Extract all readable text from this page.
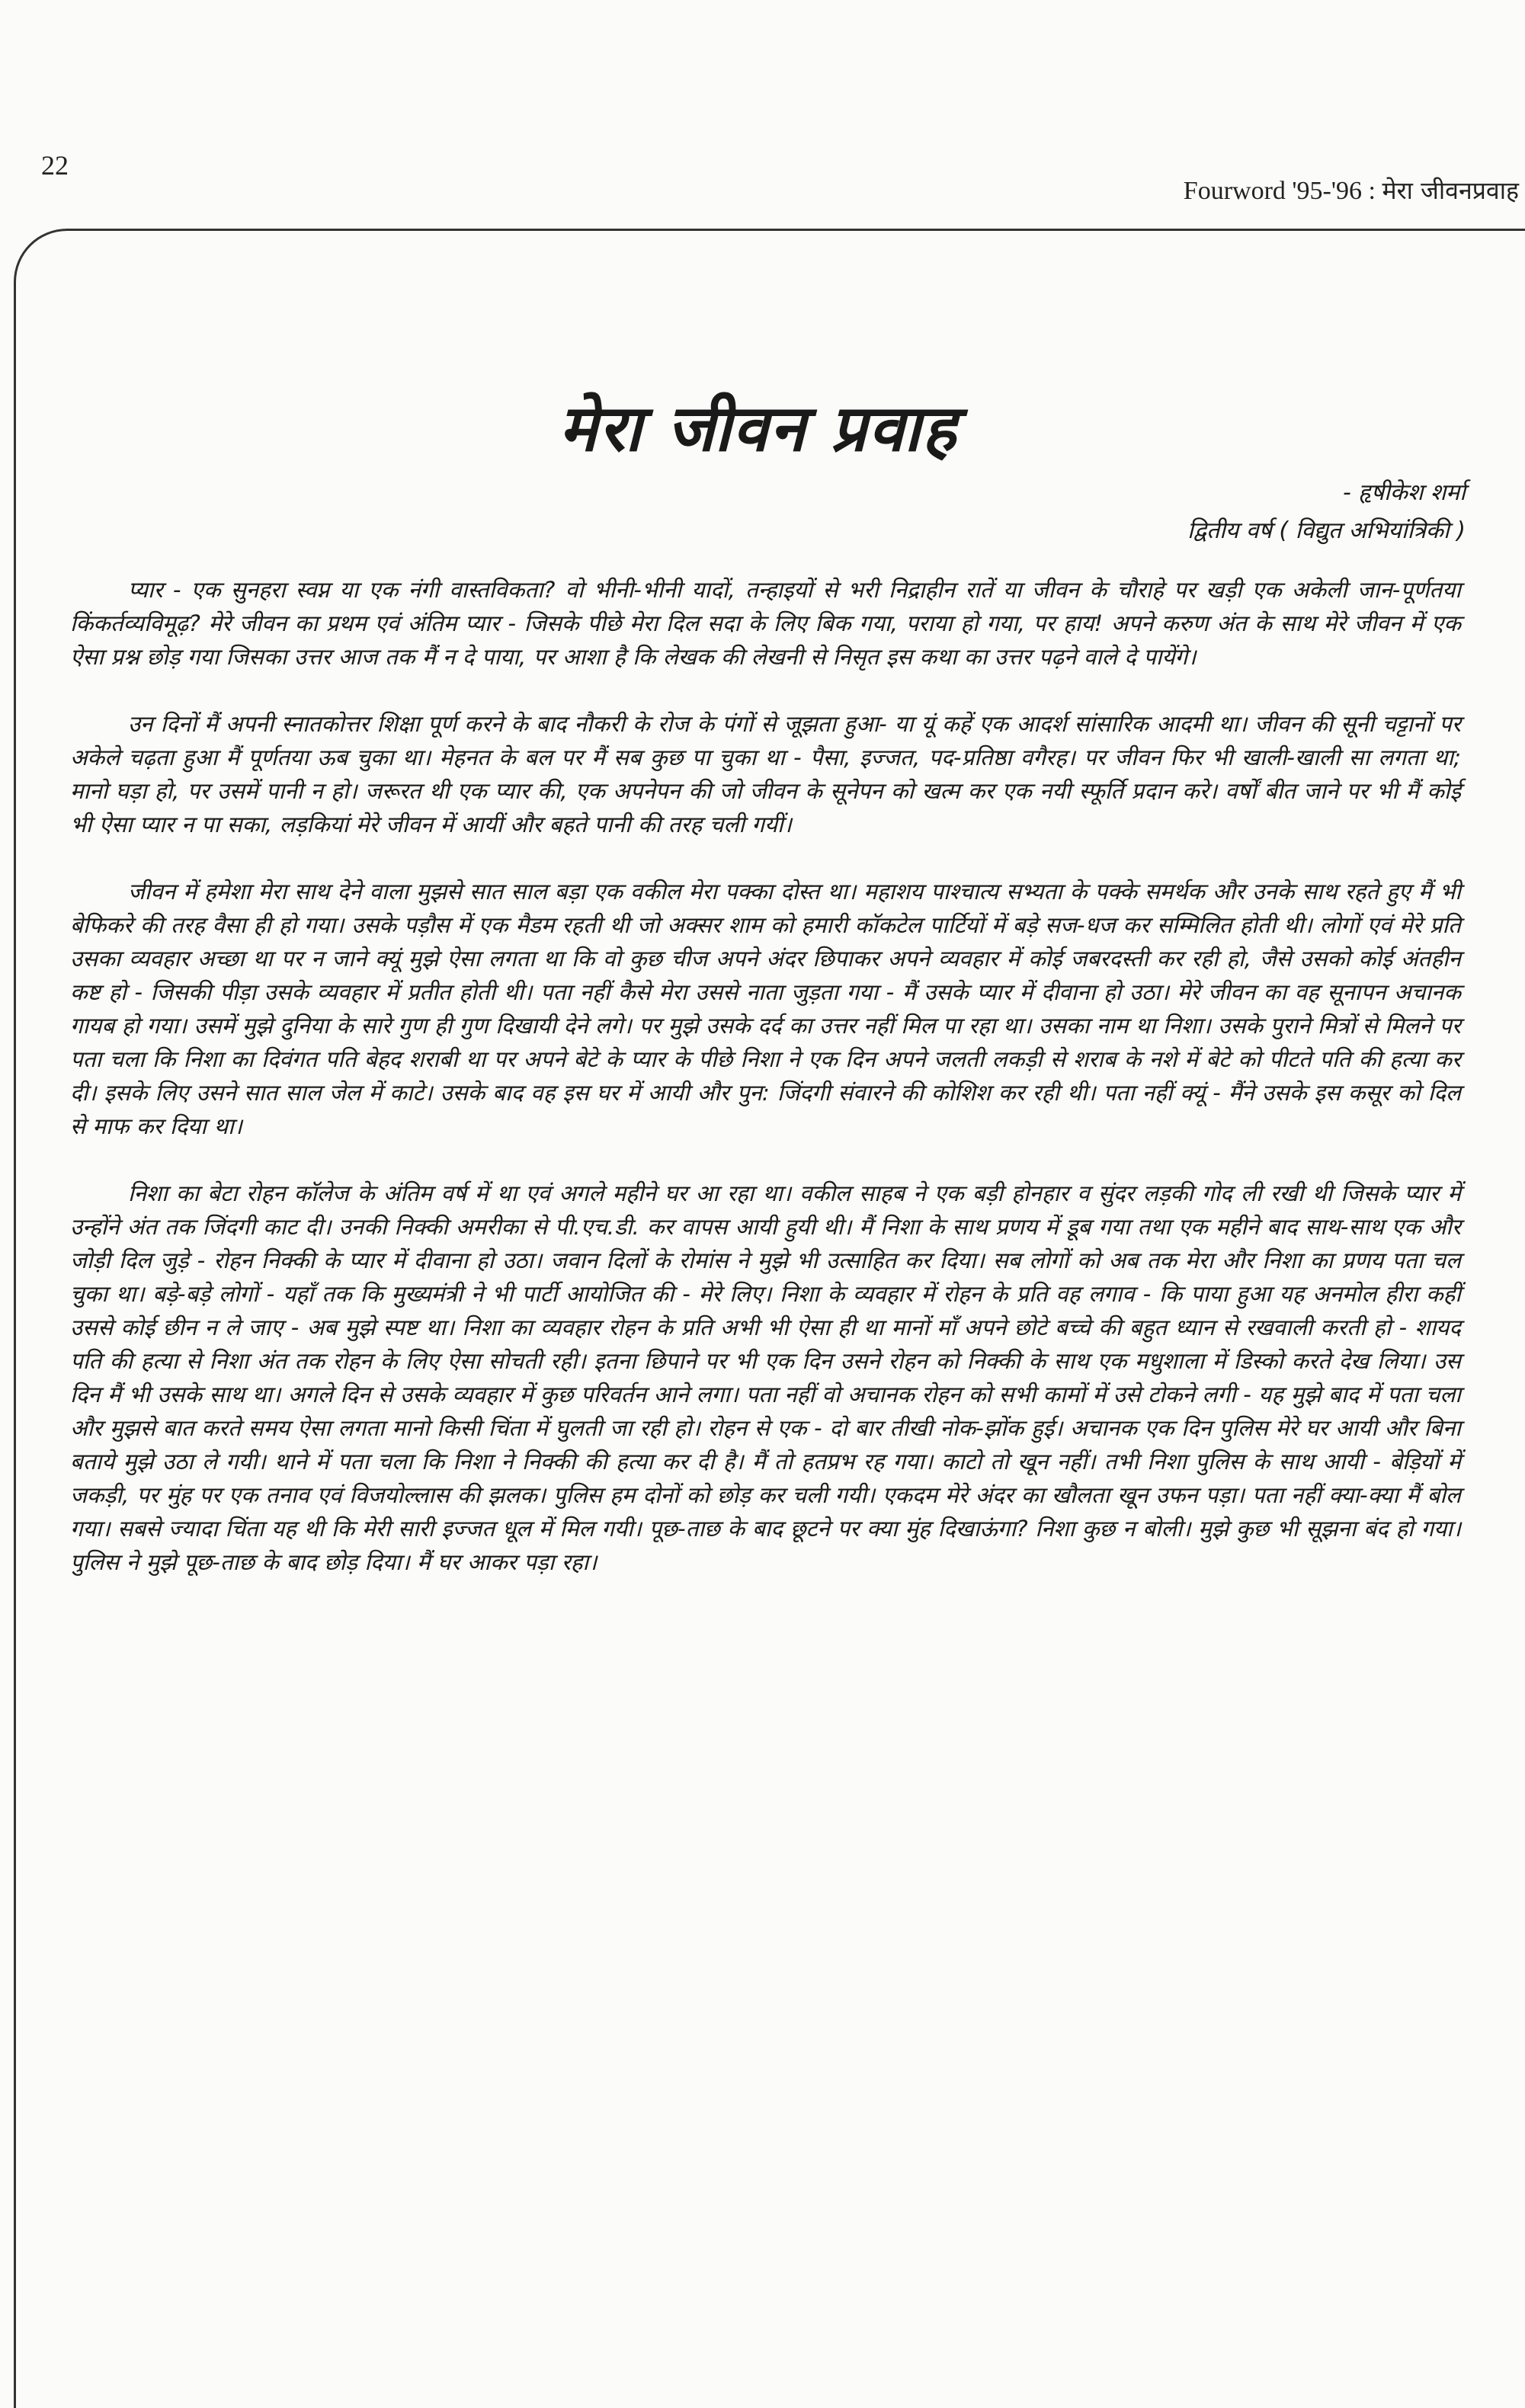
22
Fourword '95-'96 : मेरा जीवनप्रवाह
मेरा जीवन प्रवाह
- हृषीकेश शर्मा
द्वितीय वर्ष ( विद्युत अभियांत्रिकी )

प्यार - एक सुनहरा स्वप्न या एक नंगी वास्तविकता? वो भीनी-भीनी यादों, तन्हाइयों से भरी निद्राहीन रातें या जीवन के चौराहे पर खड़ी एक अकेली जान-पूर्णतया किंकर्तव्यविमूढ़? मेरे जीवन का प्रथम एवं अंतिम प्यार - जिसके पीछे मेरा दिल सदा के लिए बिक गया, पराया हो गया, पर हाय! अपने करुण अंत के साथ मेरे जीवन में एक ऐसा प्रश्न छोड़ गया जिसका उत्तर आज तक मैं न दे पाया, पर आशा है कि लेखक की लेखनी से निसृत इस कथा का उत्तर पढ़ने वाले दे पायेंगे।

उन दिनों मैं अपनी स्नातकोत्तर शिक्षा पूर्ण करने के बाद नौकरी के रोज के पंगों से जूझता हुआ- या यूं कहें एक आदर्श सांसारिक आदमी था। जीवन की सूनी चट्टानों पर अकेले चढ़ता हुआ मैं पूर्णतया ऊब चुका था। मेहनत के बल पर मैं सब कुछ पा चुका था - पैसा, इज्जत, पद-प्रतिष्ठा वगैरह। पर जीवन फिर भी खाली-खाली सा लगता था; मानो घड़ा हो, पर उसमें पानी न हो। जरूरत थी एक प्यार की, एक अपनेपन की जो जीवन के सूनेपन को खत्म कर एक नयी स्फूर्ति प्रदान करे। वर्षों बीत जाने पर भी मैं कोई भी ऐसा प्यार न पा सका, लड़कियां मेरे जीवन में आयीं और बहते पानी की तरह चली गयीं।

जीवन में हमेशा मेरा साथ देने वाला मुझसे सात साल बड़ा एक वकील मेरा पक्का दोस्त था। महाशय पाश्चात्य सभ्यता के पक्के समर्थक और उनके साथ रहते हुए मैं भी बेफिकरे की तरह वैसा ही हो गया। उसके पड़ौस में एक मैडम रहती थी जो अक्सर शाम को हमारी कॉकटेल पार्टियों में बड़े सज-धज कर सम्मिलित होती थी। लोगों एवं मेरे प्रति उसका व्यवहार अच्छा था पर न जाने क्यूं मुझे ऐसा लगता था कि वो कुछ चीज अपने अंदर छिपाकर अपने व्यवहार में कोई जबरदस्ती कर रही हो, जैसे उसको कोई अंतहीन कष्ट हो - जिसकी पीड़ा उसके व्यवहार में प्रतीत होती थी। पता नहीं कैसे मेरा उससे नाता जुड़ता गया - मैं उसके प्यार में दीवाना हो उठा। मेरे जीवन का वह सूनापन अचानक गायब हो गया। उसमें मुझे दुनिया के सारे गुण ही गुण दिखायी देने लगे। पर मुझे उसके दर्द का उत्तर नहीं मिल पा रहा था। उसका नाम था निशा। उसके पुराने मित्रों से मिलने पर पता चला कि निशा का दिवंगत पति बेहद शराबी था पर अपने बेटे के प्यार के पीछे निशा ने एक दिन अपने जलती लकड़ी से शराब के नशे में बेटे को पीटते पति की हत्या कर दी। इसके लिए उसने सात साल जेल में काटे। उसके बाद वह इस घर में आयी और पुन: जिंदगी संवारने की कोशिश कर रही थी। पता नहीं क्यूं - मैंने उसके इस कसूर को दिल से माफ कर दिया था।

निशा का बेटा रोहन कॉलेज के अंतिम वर्ष में था एवं अगले महीने घर आ रहा था। वकील साहब ने एक बड़ी होनहार व सुंदर लड़की गोद ली रखी थी जिसके प्यार में उन्होंने अंत तक जिंदगी काट दी। उनकी निक्की अमरीका से पी.एच.डी. कर वापस आयी हुयी थी। मैं निशा के साथ प्रणय में डूब गया तथा एक महीने बाद साथ-साथ एक और जोड़ी दिल जुड़े - रोहन निक्की के प्यार में दीवाना हो उठा। जवान दिलों के रोमांस ने मुझे भी उत्साहित कर दिया। सब लोगों को अब तक मेरा और निशा का प्रणय पता चल चुका था। बड़े-बड़े लोगों - यहाँ तक कि मुख्यमंत्री ने भी पार्टी आयोजित की - मेरे लिए। निशा के व्यवहार में रोहन के प्रति वह लगाव - कि पाया हुआ यह अनमोल हीरा कहीं उससे कोई छीन न ले जाए - अब मुझे स्पष्ट था। निशा का व्यवहार रोहन के प्रति अभी भी ऐसा ही था मानों माँ अपने छोटे बच्चे की बहुत ध्यान से रखवाली करती हो - शायद पति की हत्या से निशा अंत तक रोहन के लिए ऐसा सोचती रही। इतना छिपाने पर भी एक दिन उसने रोहन को निक्की के साथ एक मधुशाला में डिस्को करते देख लिया। उस दिन मैं भी उसके साथ था। अगले दिन से उसके व्यवहार में कुछ परिवर्तन आने लगा। पता नहीं वो अचानक रोहन को सभी कामों में उसे टोकने लगी - यह मुझे बाद में पता चला और मुझसे बात करते समय ऐसा लगता मानो किसी चिंता में घुलती जा रही हो। रोहन से एक - दो बार तीखी नोक-झोंक हुई। अचानक एक दिन पुलिस मेरे घर आयी और बिना बताये मुझे उठा ले गयी। थाने में पता चला कि निशा ने निक्की की हत्या कर दी है। मैं तो हतप्रभ रह गया। काटो तो खून नहीं। तभी निशा पुलिस के साथ आयी - बेड़ियों में जकड़ी, पर मुंह पर एक तनाव एवं विजयोल्लास की झलक। पुलिस हम दोनों को छोड़ कर चली गयी। एकदम मेरे अंदर का खौलता खून उफन पड़ा। पता नहीं क्या-क्या मैं बोल गया। सबसे ज्यादा चिंता यह थी कि मेरी सारी इज्जत धूल में मिल गयी। पूछ-ताछ के बाद छूटने पर क्या मुंह दिखाऊंगा? निशा कुछ न बोली। मुझे कुछ भी सूझना बंद हो गया। पुलिस ने मुझे पूछ-ताछ के बाद छोड़ दिया। मैं घर आकर पड़ा रहा।
